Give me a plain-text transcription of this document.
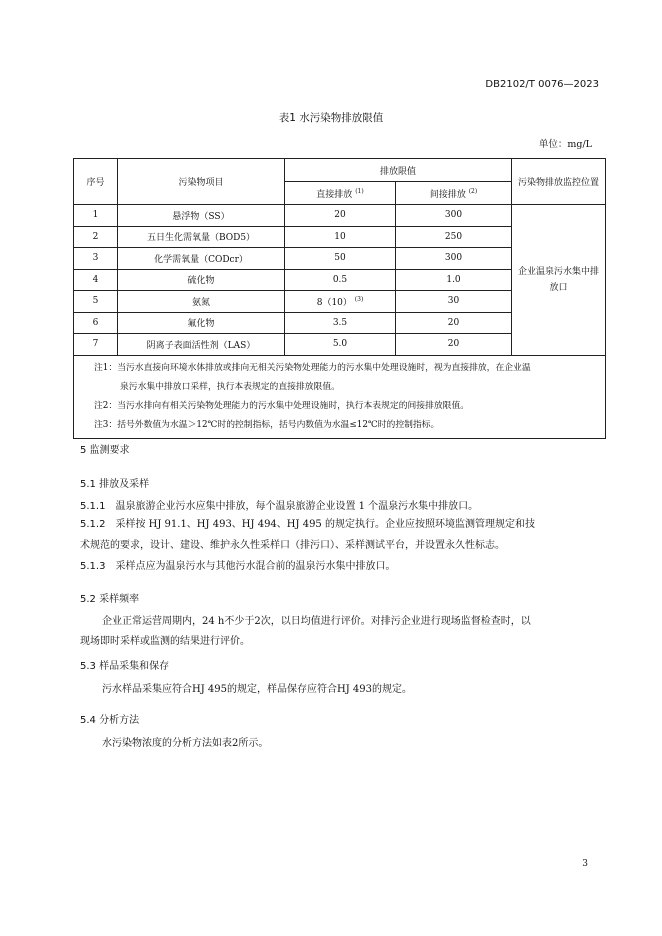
DB2102/T 0076—2023
表1 水污染物排放限值
单位：mg/L
序号	污染物项目	排放限值		污染物排放监控位置
		直接排放 $^{(1)}$	间接排放 $^{(2)}$
1	悬浮物（SS）	20	300	企业温泉污水集中排放口
2	五日生化需氧量（BOD5）	10	250	
3	化学需氧量（CODcr）	50	300	
4	硫化物	0.5	1.0	
5	氨氮	8（10） $^{(3)}$	30	
6	氟化物	3.5	20	
7	阴离子表面活性剂（LAS）	5.0	20	

注1：当污水直接向环境水体排放或排向无相关污染物处理能力的污水集中处理设施时，视为直接排放，在企业温
泉污水集中排放口采样，执行本表规定的直接排放限值。
注2：当污水排向有相关污染物处理能力的污水集中处理设施时，执行本表规定的间接排放限值。
注3：括号外数值为水温＞12℃时的控制指标，括号内数值为水温≤12℃时的控制指标。				
5 监测要求
5.1 排放及采样
5.1.1 温泉旅游企业污水应集中排放，每个温泉旅游企业设置 1 个温泉污水集中排放口。
5.1.2 采样按 HJ 91.1、HJ 493、HJ 494、HJ 495 的规定执行。企业应按照环境监测管理规定和技
术规范的要求，设计、建设、维护永久性采样口（排污口）、采样测试平台，并设置永久性标志。
5.1.3 采样点应为温泉污水与其他污水混合前的温泉污水集中排放口。
5.2 采样频率
企业正常运营周期内，24 h不少于2次，以日均值进行评价。对排污企业进行现场监督检查时，以
现场即时采样或监测的结果进行评价。
5.3 样品采集和保存
污水样品采集应符合HJ 495的规定，样品保存应符合HJ 493的规定。
5.4 分析方法
水污染物浓度的分析方法如表2所示。
3
